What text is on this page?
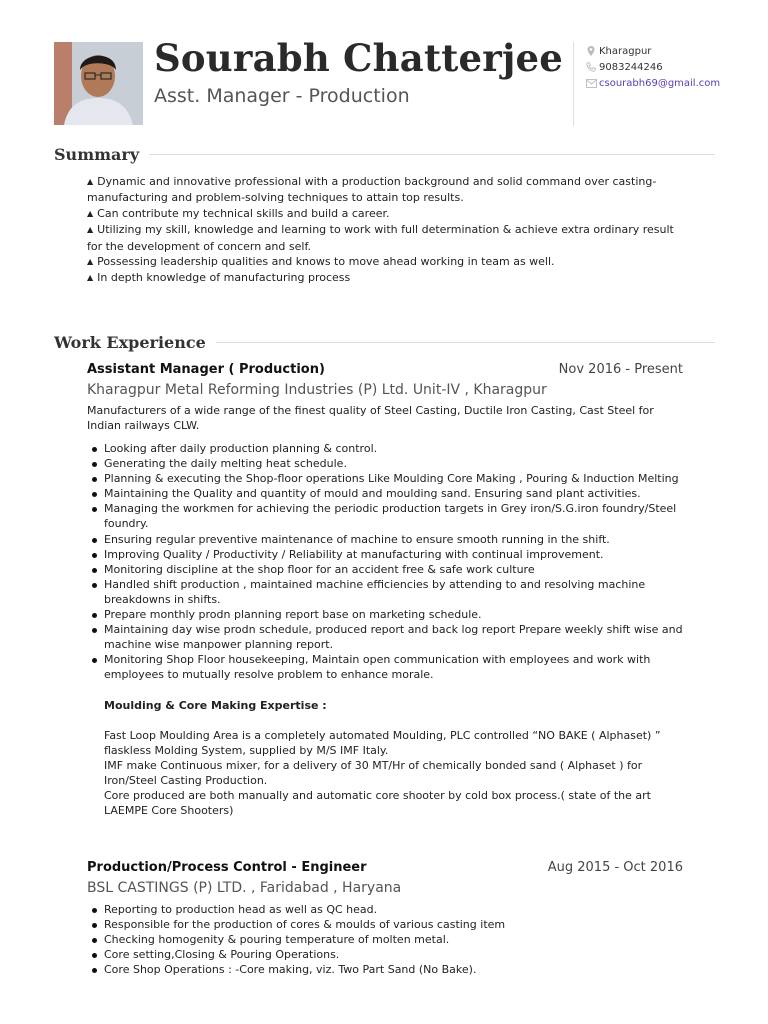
Sourabh Chatterjee
Asst. Manager - Production
Kharagpur
9083244246
csourabh69@gmail.com
Summary
▲ Dynamic and innovative professional with a production background and solid command over casting-manufacturing and problem-solving techniques to attain top results.
▲ Can contribute my technical skills and build a career.
▲ Utilizing my skill, knowledge and learning to work with full determination & achieve extra ordinary result for the development of concern and self.
▲ Possessing leadership qualities and knows to move ahead working in team as well.
▲ In depth knowledge of manufacturing process
Work Experience
Assistant Manager ( Production)	Nov 2016 - Present
Kharagpur Metal Reforming Industries (P) Ltd. Unit-IV , Kharagpur
Manufacturers of a wide range of the finest quality of Steel Casting, Ductile Iron Casting, Cast Steel for Indian railways CLW.
Looking after daily production planning & control.
Generating the daily melting heat schedule.
Planning & executing the Shop-floor operations Like Moulding Core Making , Pouring & Induction Melting
Maintaining the Quality and quantity of mould and moulding sand. Ensuring sand plant activities.
Managing the workmen for achieving the periodic production targets in Grey iron/S.G.iron foundry/Steel foundry.
Ensuring regular preventive maintenance of machine to ensure smooth running in the shift.
Improving Quality / Productivity / Reliability at manufacturing with continual improvement.
Monitoring discipline at the shop floor for an accident free & safe work culture
Handled shift production , maintained machine efficiencies by attending to and resolving machine breakdowns in shifts.
Prepare monthly prodn planning report base on marketing schedule.
Maintaining day wise prodn schedule, produced report and back log report Prepare weekly shift wise and machine wise manpower planning report.
Monitoring Shop Floor housekeeping, Maintain open communication with employees and work with employees to mutually resolve problem to enhance morale.
Moulding & Core Making Expertise :
Fast Loop Moulding Area is a completely automated Moulding, PLC controlled “NO BAKE ( Alphaset) ” flaskless Molding System, supplied by M/S IMF Italy.
IMF make Continuous mixer, for a delivery of 30 MT/Hr of chemically bonded sand ( Alphaset ) for Iron/Steel Casting Production.
Core produced are both manually and automatic core shooter by cold box process.( state of the art LAEMPE Core Shooters)
Production/Process Control - Engineer	Aug 2015 - Oct 2016
BSL CASTINGS (P) LTD. , Faridabad , Haryana
Reporting to production head as well as QC head.
Responsible for the production of cores & moulds of various casting item
Checking homogenity & pouring temperature of molten metal.
Core setting,Closing & Pouring Operations.
Core Shop Operations : -Core making, viz. Two Part Sand (No Bake).
